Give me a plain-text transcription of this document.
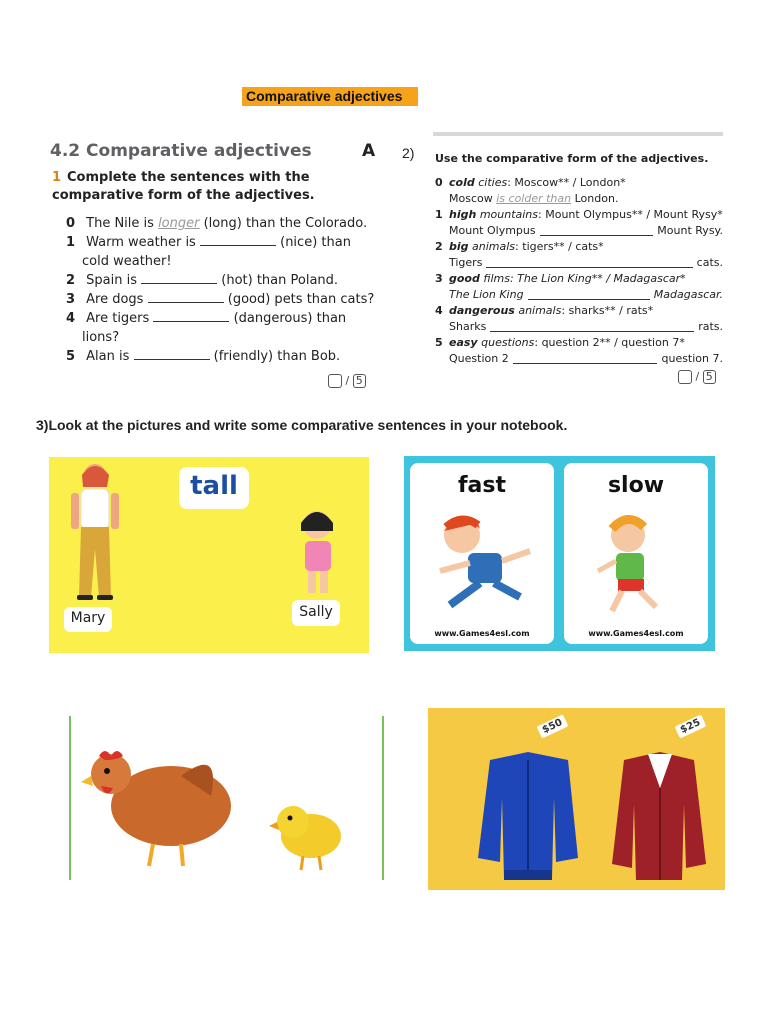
Comparative adjectives
4.2 Comparative adjectives	A
1 Complete the sentences with the comparative form of the adjectives.
0 The Nile is longer (long) than the Colorado.
1 Warm weather is	(nice) than
cold weather!
2 Spain is	(hot) than Poland.
3 Are dogs	(good) pets than cats?
4 Are tigers	(dangerous) than
lions?
5 Alan is	(friendly) than Bob.
/ 5
2) Use the comparative form of the adjectives.
0 cold cities: Moscow** / London*
Moscow is colder than London.
1 high mountains: Mount Olympus** / Mount Rysy*
Mount Olympus	Mount Rysy.
2 big animals: tigers** / cats*
Tigers	cats.
3 good films: The Lion King** / Madagascar*
The Lion King	Madagascar.
4 dangerous animals: sharks** / rats*
Sharks	rats.
5 easy questions: question 2** / question 7*
Question 2	question 7.
/ 5
3)Look at the pictures and write some comparative sentences in your notebook.
tall
Mary	Sally
fast
www.Games4esl.com
slow
www.Games4esl.com
$50	$25
